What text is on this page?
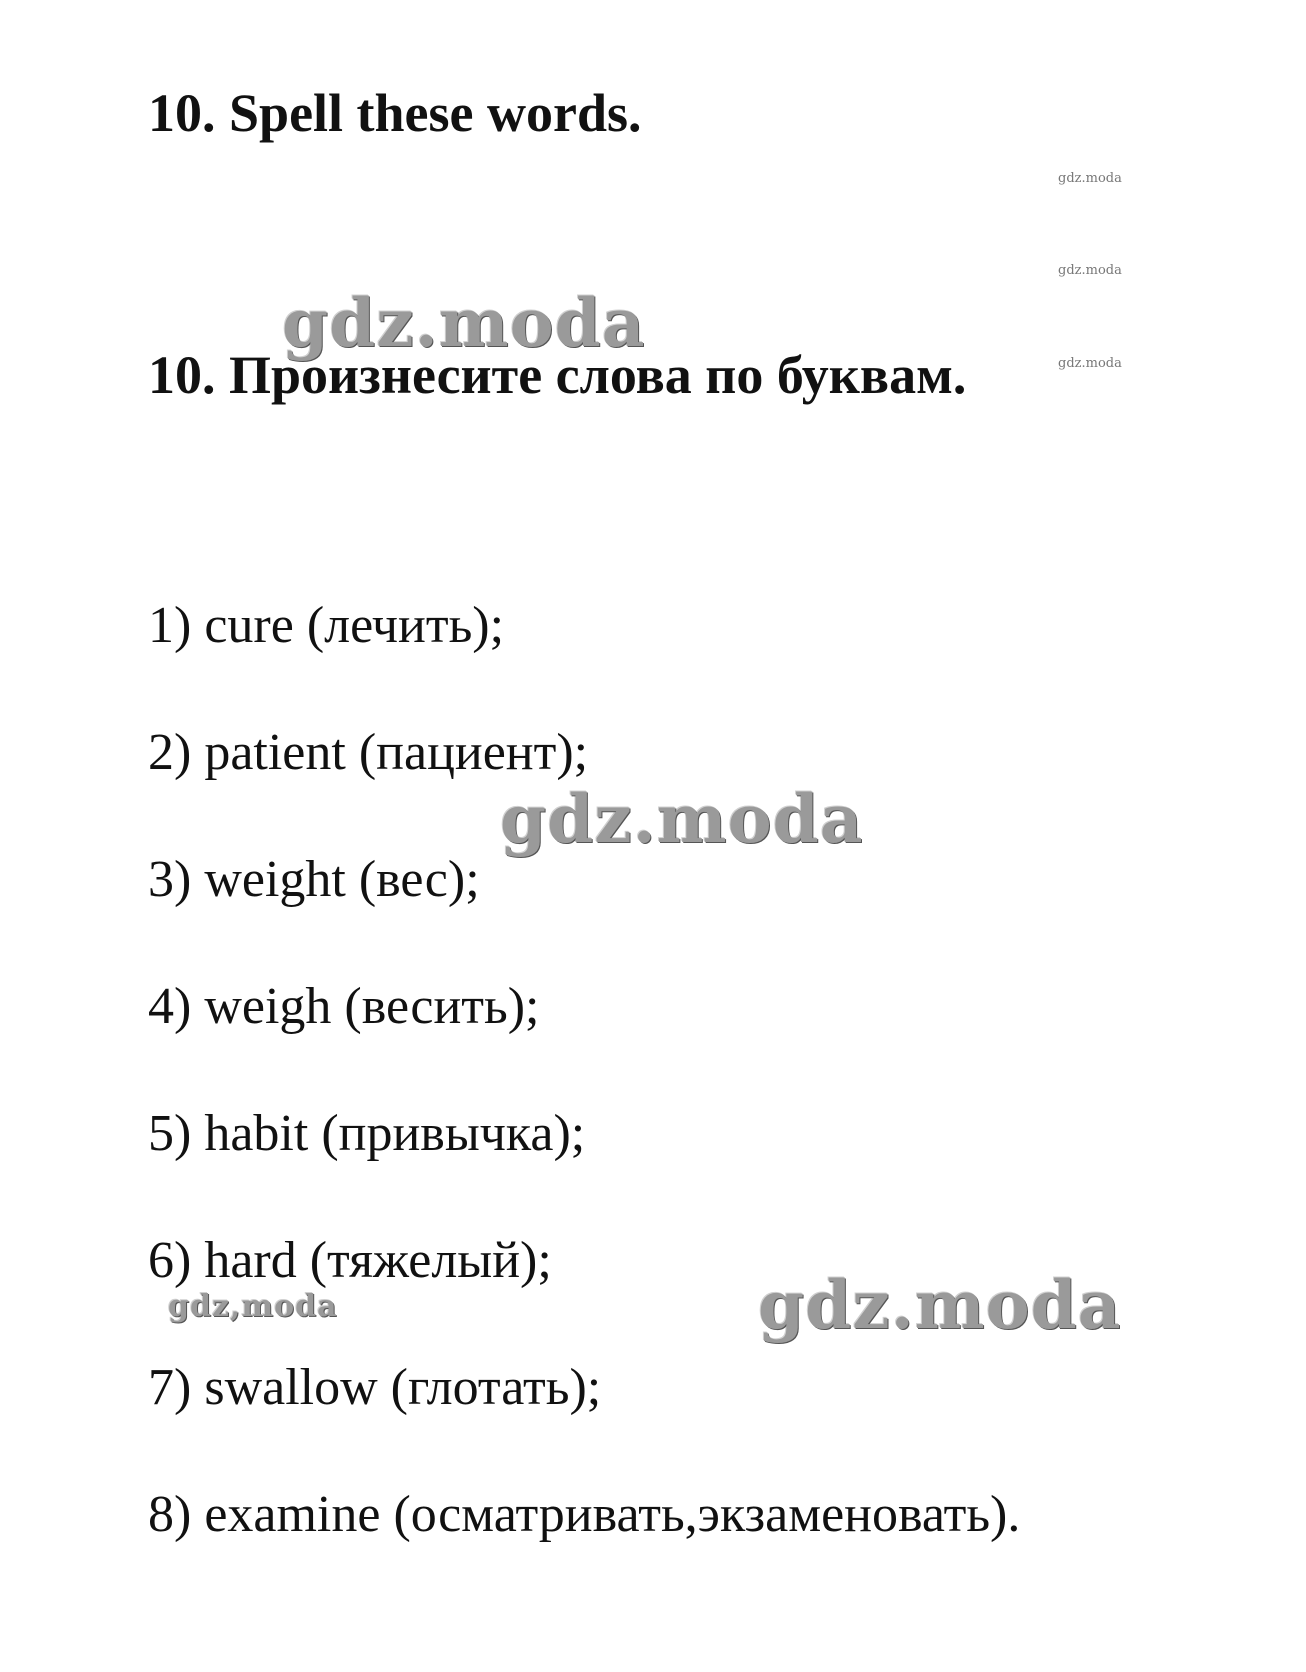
10. Spell these words.
10. Произнесите слова по буквам.
1) cure (лечить);
2) patient (пациент);
3) weight (вес);
4) weigh (весить);
5) habit (привычка);
6) hard (тяжелый);
7) swallow (глотать);
8) examine (осматривать,экзаменовать).
gdz.moda
gdz.moda
gdz.moda
gdz,moda
gdz.moda
gdz.moda
gdz.moda
